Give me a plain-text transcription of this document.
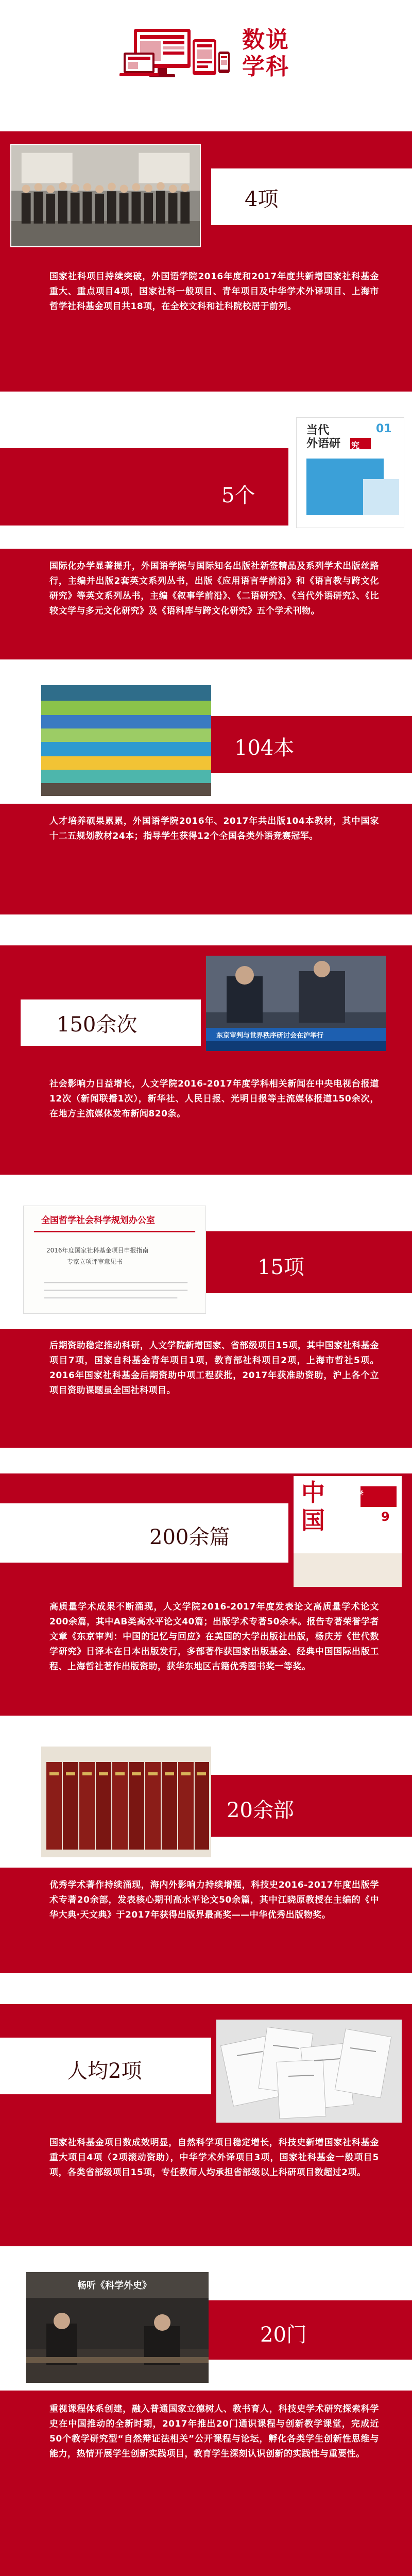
数说
学科
4项
国家社科项目持续突破，外国语学院2016年度和2017年度共新增国家社科基金重大、重点项目4项，国家社科一般项目、青年项目及中华学术外译项目、上海市哲学社科基金项目共18项，在全校文科和社科院校居于前列。
5个
当代
外语研	究
01
国际化办学显著提升，外国语学院与国际知名出版社新签精品及系列学术出版丝路行，主编并出版2套英文系列丛书，出版《应用语言学前沿》和《语言教与跨文化研究》等英文系列丛书，主编《叙事学前沿》、《二语研究》、《当代外语研究》、《比较文学与多元文化研究》及《语料库与跨文化研究》五个学术刊物。
104本
人才培养硕果累累，外国语学院2016年、2017年共出版104本教材，其中国家十二五规划教材24本；指导学生获得12个全国各类外语竞赛冠军。
150余次	东京审判与世界秩序研讨会在沪举行
社会影响力日益增长，人文学院2016-2017年度学科相关新闻在中央电视台报道12次（新闻联播1次），新华社、人民日报、光明日报等主流媒体报道150余次，在地方主流媒体发布新闻820条。
全国哲学社会科学规划办公室
2016年度国家社科基金项目申报指南
专家立项评审意见书	15项
后期资助稳定推动科研，人文学院新增国家、省部级项目15项，其中国家社科基金项目7项，国家自科基金青年项目1项，教育部社科项目2项，上海市哲社5项。2016年国家社科基金后期资助中项工程获批，2017年获准助资助，沪上各个立项目资助课题虽全国社科项目。
200余篇
中
国
社会科学
9
高质量学术成果不断涌现，人文学院2016-2017年度发表论文高质量学术论文200余篇，其中AB类高水平论文40篇；出版学术专著50余本。报告专著荣誉学者文章《东京审判：中国的记忆与回应》在美国的大学出版社出版，杨庆芳《世代数学研究》日译本在日本出版发行，多部著作获国家出版基金、经典中国国际出版工程、上海哲社著作出版资助，获华东地区古籍优秀图书奖一等奖。
20余部
优秀学术著作持续涌现，海内外影响力持续增强，科技史2016-2017年度出版学术专著20余部，发表核心期刊高水平论文50余篇，其中江晓原教授在主编的《中华大典·天文典》于2017年获得出版界最高奖——中华优秀出版物奖。
人均2项
国家社科基金项目数成效明显，自然科学项目稳定增长，科技史新增国家社科基金重大项目4项（2项滚动资助），中华学术外译项目3项，国家社科基金一般项目5项，各类省部级项目15项，专任教师人均承担省部级以上科研项目数超过2项。
畅听《科学外史》
20门
重视课程体系创建，融入普通国家立德树人、教书育人，科技史学术研究探索科学史在中国推动的全新时期，2017年推出20门通识课程与创新教学课堂，完成近50个教学研究型“自然辩证法相关”公开课程与论坛，孵化各类学生创新性思维与能力，热情开展学生创新实践项目，教育学生深刻认识创新的实践性与重要性。
